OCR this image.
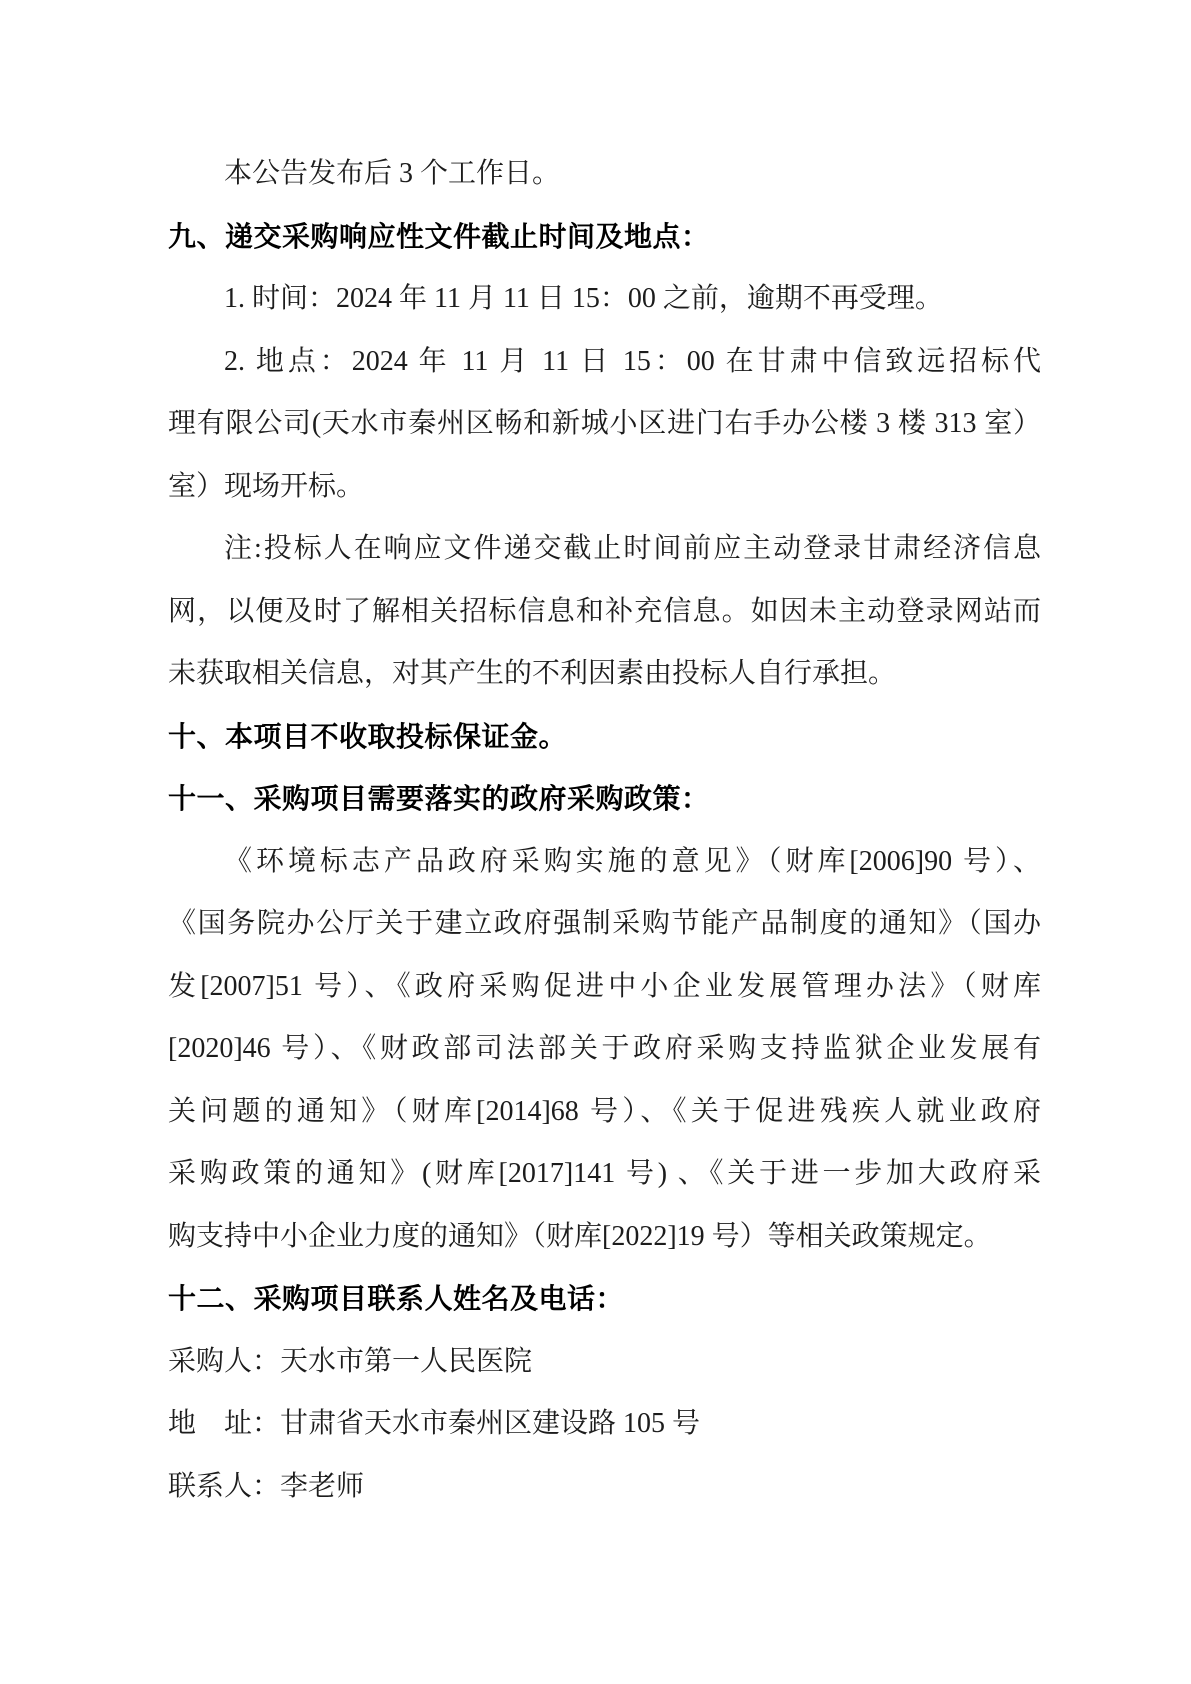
本公告发布后 3 个工作日。
九、递交采购响应性文件截止时间及地点：
1. 时间：2024 年 11 月 11 日 15：00 之前，逾期不再受理。
2. 地点：2024 年 11 月 11 日 15：00 在甘肃中信致远招标代
理有限公司(天水市秦州区畅和新城小区进门右手办公楼 3 楼 313 室）
室）现场开标。
注:投标人在响应文件递交截止时间前应主动登录甘肃经济信息
网，以便及时了解相关招标信息和补充信息。如因未主动登录网站而
未获取相关信息，对其产生的不利因素由投标人自行承担。
十、本项目不收取投标保证金。
十一、采购项目需要落实的政府采购政策：
《环境标志产品政府采购实施的意见》（财库[2006]90 号）、
《国务院办公厅关于建立政府强制采购节能产品制度的通知》（国办
发[2007]51 号）、《政府采购促进中小企业发展管理办法》（财库
[2020]46 号）、《财政部司法部关于政府采购支持监狱企业发展有
关问题的通知》（财库[2014]68 号）、《关于促进残疾人就业政府
采购政策的通知》(财库[2017]141 号) 、《关于进一步加大政府采
购支持中小企业力度的通知》（财库[2022]19 号）等相关政策规定。
十二、采购项目联系人姓名及电话：
采购人：天水市第一人民医院
地　址：甘肃省天水市秦州区建设路 105 号
联系人：李老师
